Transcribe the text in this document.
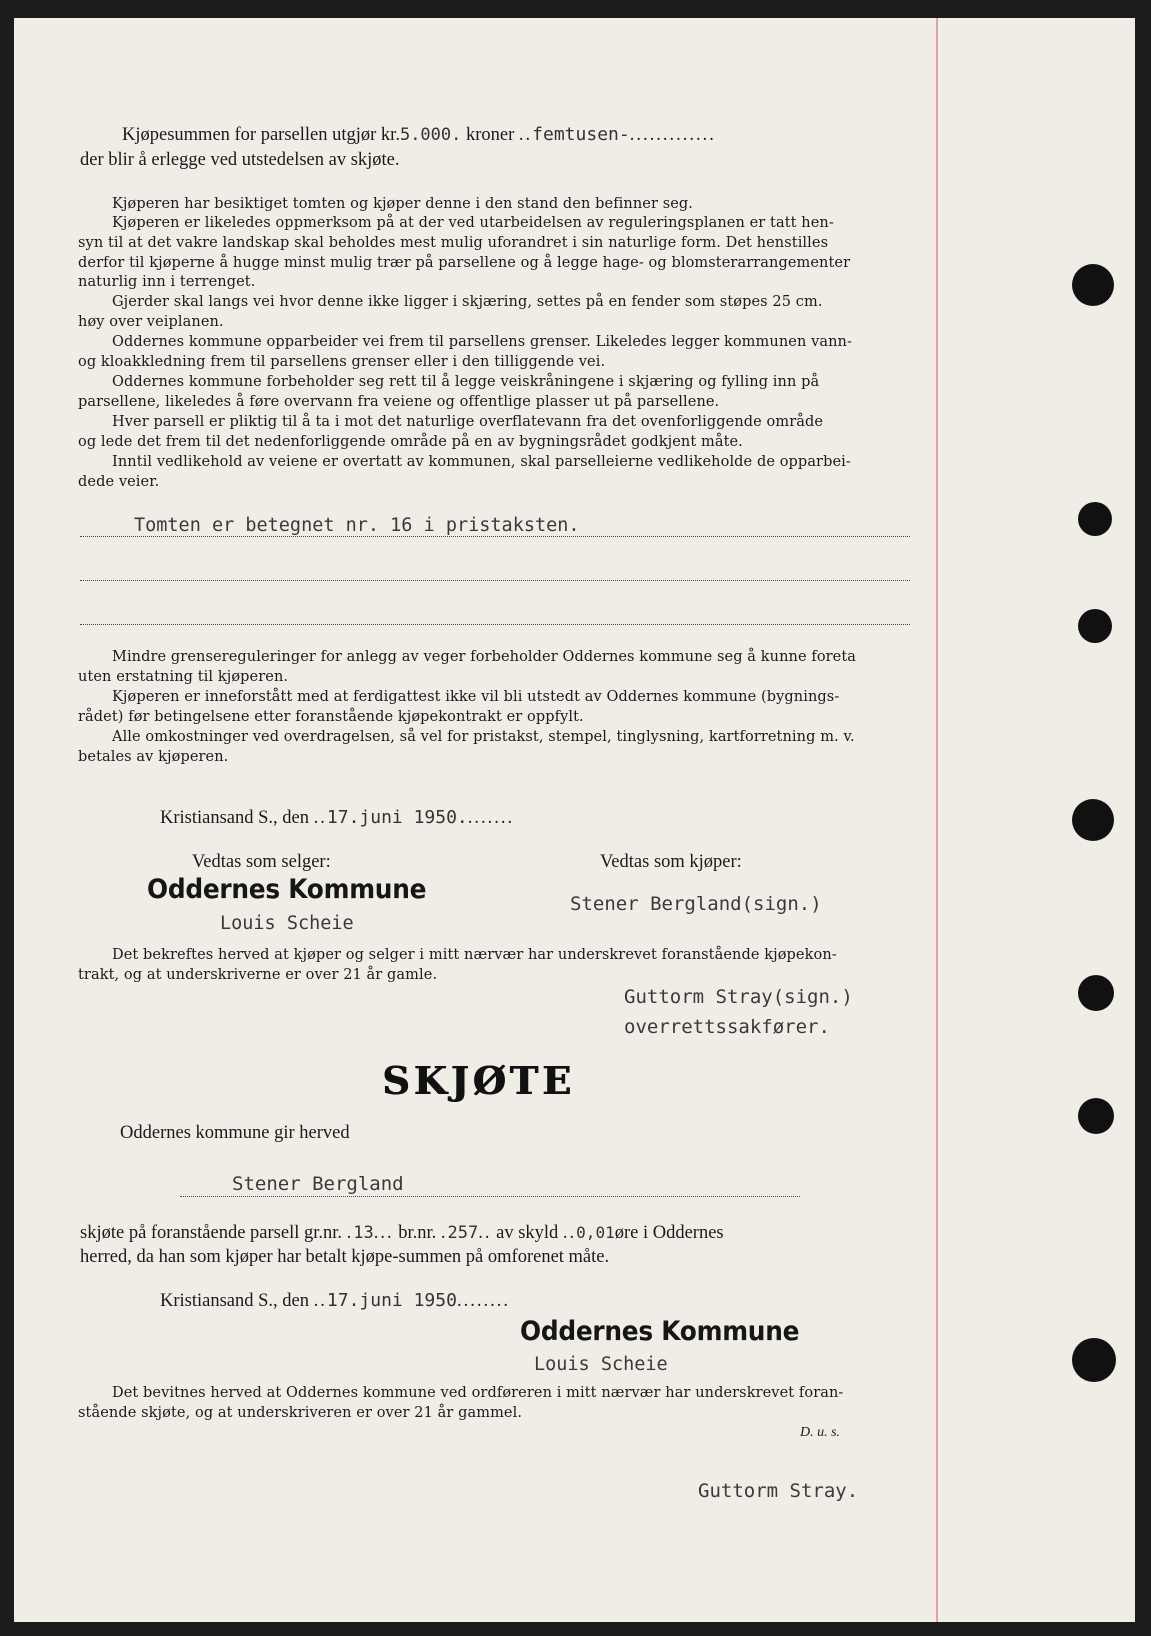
Kjøpesummen for parsellen utgjør kr.5.000. kroner ..femtusen-.............
der blir å erlegge ved utstedelsen av skjøte.
Kjøperen har besiktiget tomten og kjøper denne i den stand den befinner seg.
Kjøperen er likeledes oppmerksom på at der ved utarbeidelsen av reguleringsplanen er tatt hen-
syn til at det vakre landskap skal beholdes mest mulig uforandret i sin naturlige form. Det henstilles
derfor til kjøperne å hugge minst mulig trær på parsellene og å legge hage- og blomsterarrangementer
naturlig inn i terrenget.
Gjerder skal langs vei hvor denne ikke ligger i skjæring, settes på en fender som støpes 25 cm.
høy over veiplanen.
Oddernes kommune opparbeider vei frem til parsellens grenser. Likeledes legger kommunen vann-
og kloakkledning frem til parsellens grenser eller i den tilliggende vei.
Oddernes kommune forbeholder seg rett til å legge veiskråningene i skjæring og fylling inn på
parsellene, likeledes å føre overvann fra veiene og offentlige plasser ut på parsellene.
Hver parsell er pliktig til å ta i mot det naturlige overflatevann fra det ovenforliggende område
og lede det frem til det nedenforliggende område på en av bygningsrådet godkjent måte.
Inntil vedlikehold av veiene er overtatt av kommunen, skal parselleierne vedlikeholde de opparbei-
dede veier.
Tomten er betegnet nr. 16 i pristaksten.
Mindre grensereguleringer for anlegg av veger forbeholder Oddernes kommune seg å kunne foreta
uten erstatning til kjøperen.
Kjøperen er inneforstått med at ferdigattest ikke vil bli utstedt av Oddernes kommune (bygnings-
rådet) før betingelsene etter foranstående kjøpekontrakt er oppfylt.
Alle omkostninger ved overdragelsen, så vel for pristakst, stempel, tinglysning, kartforretning m. v.
betales av kjøperen.
Kristiansand S., den ..17.juni 1950........
Vedtas som selger:	Vedtas som kjøper:
Oddernes Kommune	Stener Bergland(sign.)
Louis Scheie
Det bekreftes herved at kjøper og selger i mitt nærvær har underskrevet foranstående kjøpekon-
trakt, og at underskriverne er over 21 år gamle.
Guttorm Stray(sign.)
overrettssakfører.
SKJØTE
Oddernes kommune gir herved
Stener Bergland
skjøte på foranstående parsell gr.nr. .13... br.nr. .257.. av skyld ..0,01øre i Oddernes
herred, da han som kjøper har betalt kjøpe-summen på omforenet måte.
Kristiansand S., den ..17.juni 1950........
Oddernes Kommune
Louis Scheie
Det bevitnes herved at Oddernes kommune ved ordføreren i mitt nærvær har underskrevet foran-
stående skjøte, og at underskriveren er over 21 år gammel.
D. u. s.
Guttorm Stray.
